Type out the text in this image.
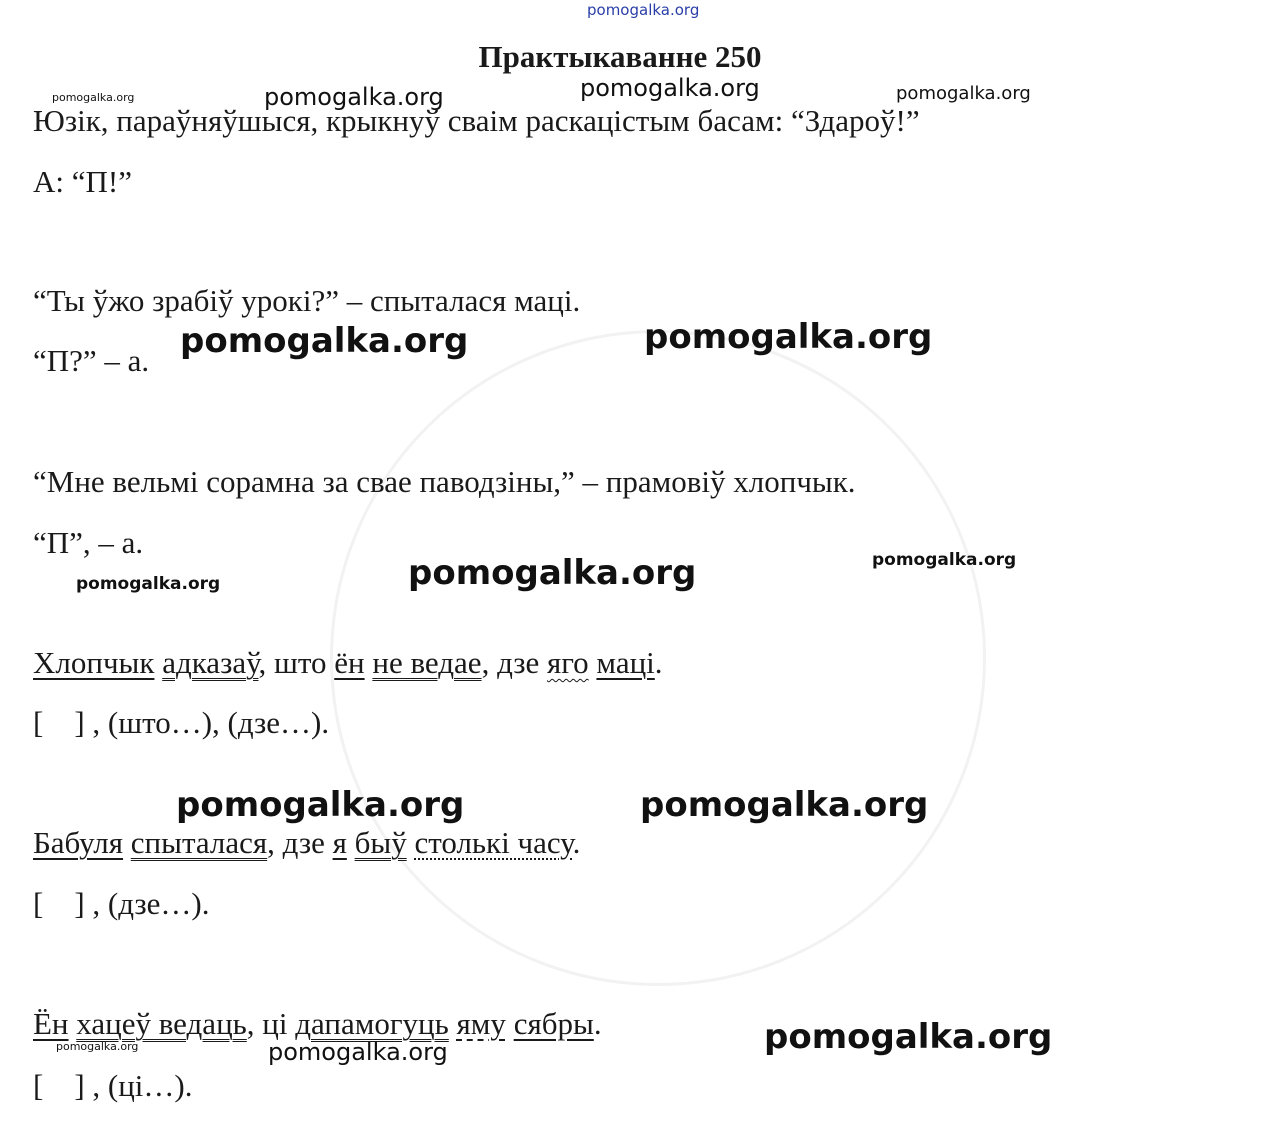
pomogalka.org
pomogalka.org	pomogalka.org	pomogalka.org	pomogalka.org
pomogalka.org	pomogalka.org
pomogalka.org
pomogalka.org	pomogalka.org
pomogalka.org	pomogalka.org
pomogalka.org
pomogalka.org	pomogalka.org
Практыкаванне 250
Юзік, параўняўшыся, крыкнуў сваім раскацістым басам: “Здароў!”
А: “П!”
“Ты ўжо зрабіў урокі?” – спыталася маці.
“П?” – а.
“Мне вельмі сорамна за свае паводзіны,” – прамовіў хлопчык.
“П”, – а.
Хлопчык адказаў, што ён не ведае, дзе яго маці.
[    ] , (што…), (дзе…).
Бабуля спыталася, дзе я быў столькі часу.
[    ] , (дзе…).
Ён хацеў ведаць, ці дапамогуць яму сябры.
[    ] , (ці…).
